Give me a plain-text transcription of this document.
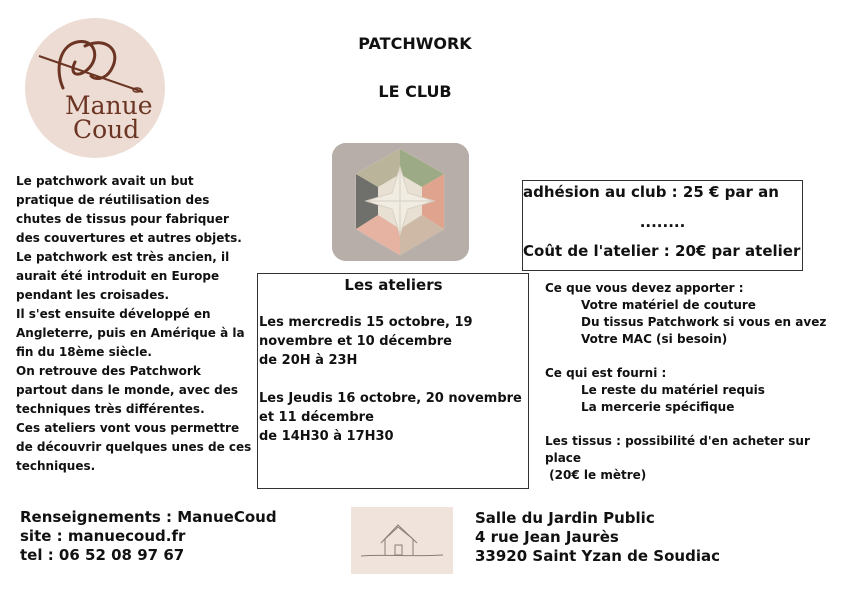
Manue
Coud
PATCHWORK
LE CLUB

Le patchwork avait un but pratique de réutilisation des chutes de tissus pour fabriquer des couvertures et autres objets.

Le patchwork est très ancien, il aurait été introduit en Europe pendant les croisades.

Il s'est ensuite développé en Angleterre, puis en Amérique à la fin du 18ème siècle.

On retrouve des Patchwork partout dans le monde, avec des techniques très différentes.

Ces ateliers vont vous permettre de découvrir quelques unes de ces techniques.

Les ateliers

Les mercredis 15 octobre, 19 novembre et 10 décembre

de 20H à 23H

Les Jeudis 16 octobre, 20 novembre et 11 décembre

de 14H30 à 17H30

adhésion au club : 25 € par an
........
Coût de l'atelier : 20€ par atelier

Ce que vous devez apporter :

Votre matériel de couture

Du tissus Patchwork si vous en avez

Votre MAC (si besoin)

Ce qui est fourni :

Le reste du matériel requis

La mercerie spécifique

Les tissus : possibilité d'en acheter sur place

(20€ le mètre)

Renseignements : ManueCoud

site : manuecoud.fr

tel : 06 52 08 97 67

Salle du Jardin Public

4 rue Jean Jaurès

33920 Saint Yzan de Soudiac
